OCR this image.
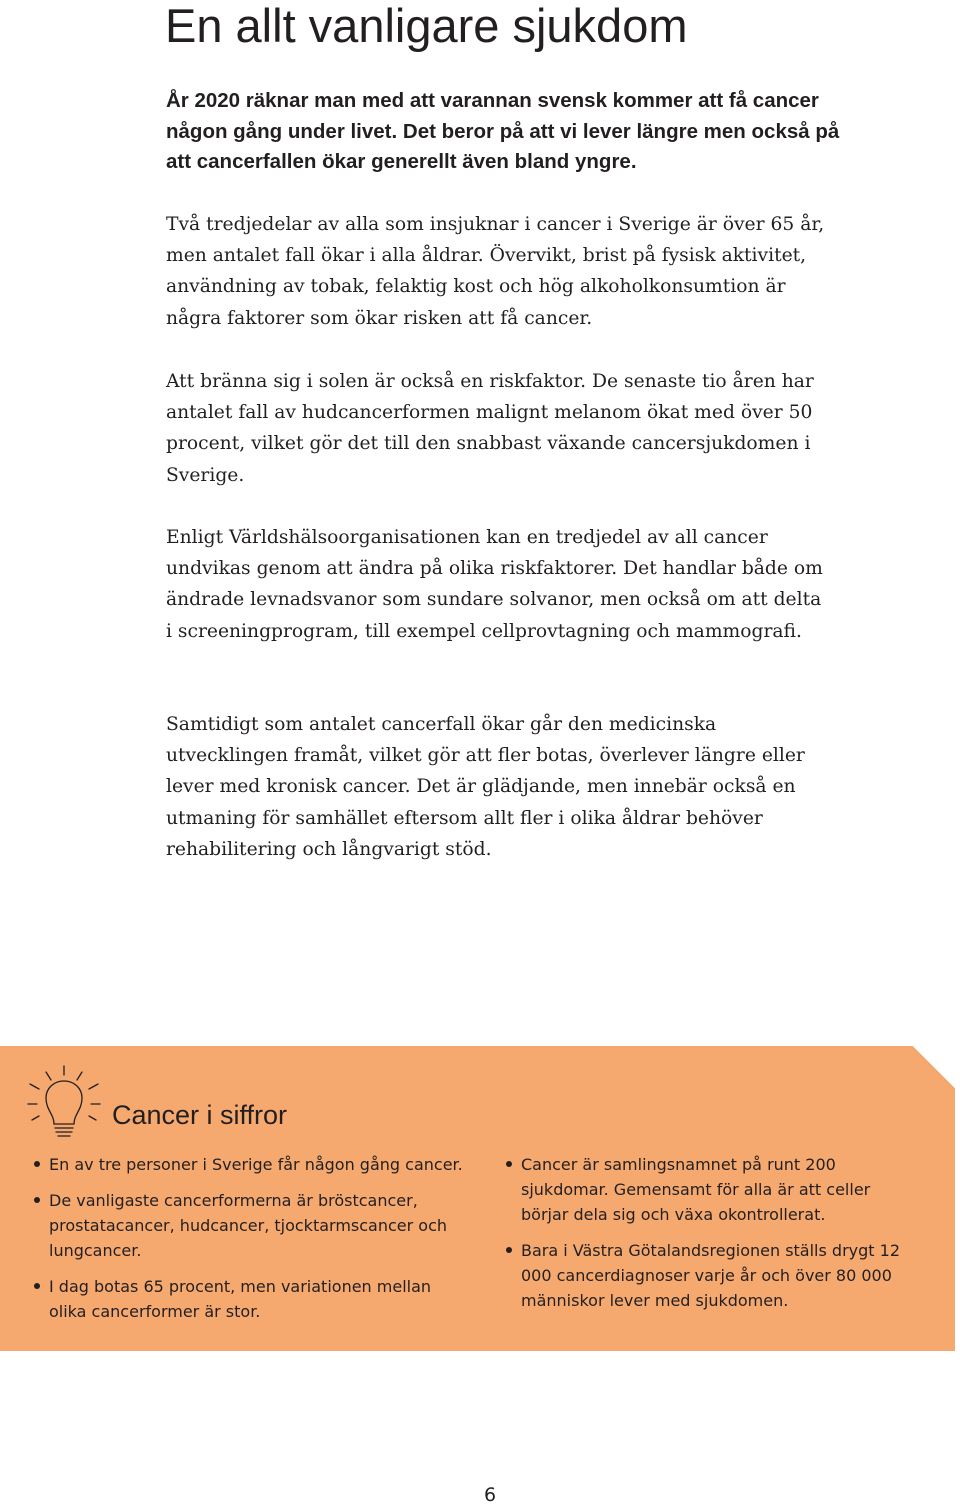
En allt vanligare sjukdom

År 2020 räknar man med att varannan svensk kommer att få cancer någon gång under livet. Det beror på att vi lever längre men också på att cancerfallen ökar generellt även bland yngre.

Två tredjedelar av alla som insjuknar i cancer i Sverige är över 65 år, men antalet fall ökar i alla åldrar. Övervikt, brist på fysisk aktivitet, användning av tobak, felaktig kost och hög alkoholkonsumtion är några faktorer som ökar risken att få cancer.

Att bränna sig i solen är också en riskfaktor. De senaste tio åren har antalet fall av hudcancerformen malignt melanom ökat med över 50 procent, vilket gör det till den snabbast växande cancersjukdomen i Sverige.

Enligt Världshälsoorganisationen kan en tredjedel av all cancer undvikas genom att ändra på olika riskfaktorer. Det handlar både om ändrade levnadsvanor som sundare solvanor, men också om att delta i screeningprogram, till exempel cellprovtagning och mammografi.

Samtidigt som antalet cancerfall ökar går den medicinska utvecklingen framåt, vilket gör att fler botas, överlever längre eller lever med kronisk cancer. Det är glädjande, men innebär också en utmaning för samhället eftersom allt fler i olika åldrar behöver rehabilitering och långvarigt stöd.

Cancer i siffror
En av tre personer i Sverige får någon gång cancer.
De vanligaste cancerformerna är bröstcancer, prostatacancer, hudcancer, tjocktarmscancer och lungcancer.
I dag botas 65 procent, men variationen mellan olika cancerformer är stor.
Cancer är samlingsnamnet på runt 200 sjukdomar. Gemensamt för alla är att celler börjar dela sig och växa okontrollerat.
Bara i Västra Götalandsregionen ställs drygt 12 000 cancerdiagnoser varje år och över 80 000 människor lever med sjukdomen.

6
